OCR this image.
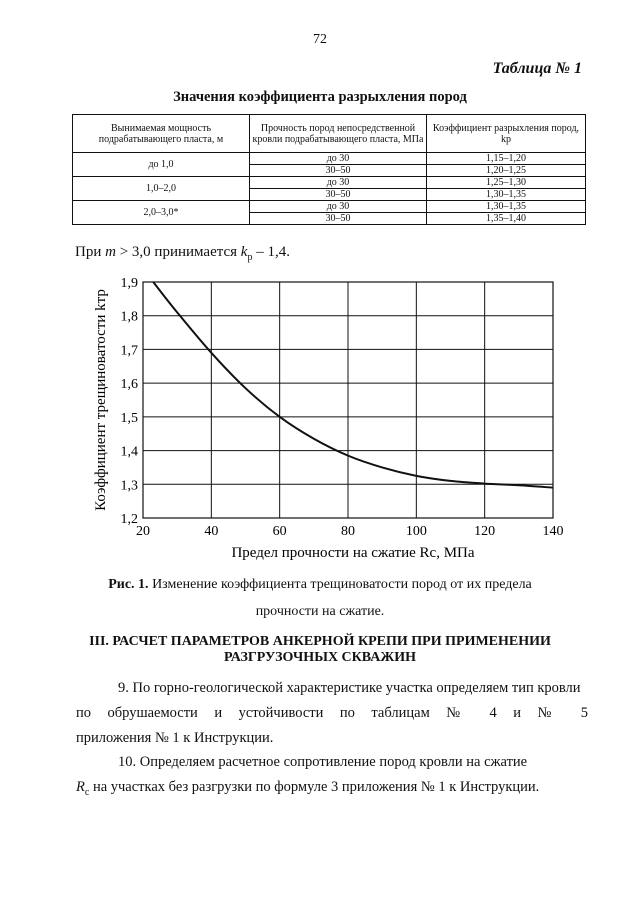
72
Таблица № 1
Значения коэффициента разрыхления пород
Вынимаемая мощность подрабатывающего пласта, м	Прочность пород непосредственной кровли подрабатывающего пласта, МПа	Коэффициент разрыхления пород, kр
до 1,0	до 30	1,15–1,20
	30–50	1,20–1,25
1,0–2,0	до 30	1,25–1,30
	30–50	1,30–1,35
2,0–3,0*	до 30	1,30–1,35
	30–50	1,35–1,40
При m > 3,0 принимается $k_р - 1,4$.
1,2
1,3
1,4
1,5
1,6
1,7
1,8
1,9
20	40	60	80	100	120	140
Коэффициент трещиноватости kтр
Предел прочности на сжатие Rc, МПа
Рис. 1. Изменение коэффициента трещиноватости пород от их предела
прочности на сжатие.
III. РАСЧЕТ ПАРАМЕТРОВ АНКЕРНОЙ КРЕПИ ПРИ ПРИМЕНЕНИИ
РАЗГРУЗОЧНЫХ СКВАЖИН
9. По горно-геологической характеристике участка определяем тип кровли
по обрушаемости и устойчивости по таблицам № 4 и № 5
приложения № 1 к Инструкции.
10. Определяем расчетное сопротивление пород кровли на сжатие
$R_с$ на участках без разгрузки по формуле 3 приложения № 1 к Инструкции.
